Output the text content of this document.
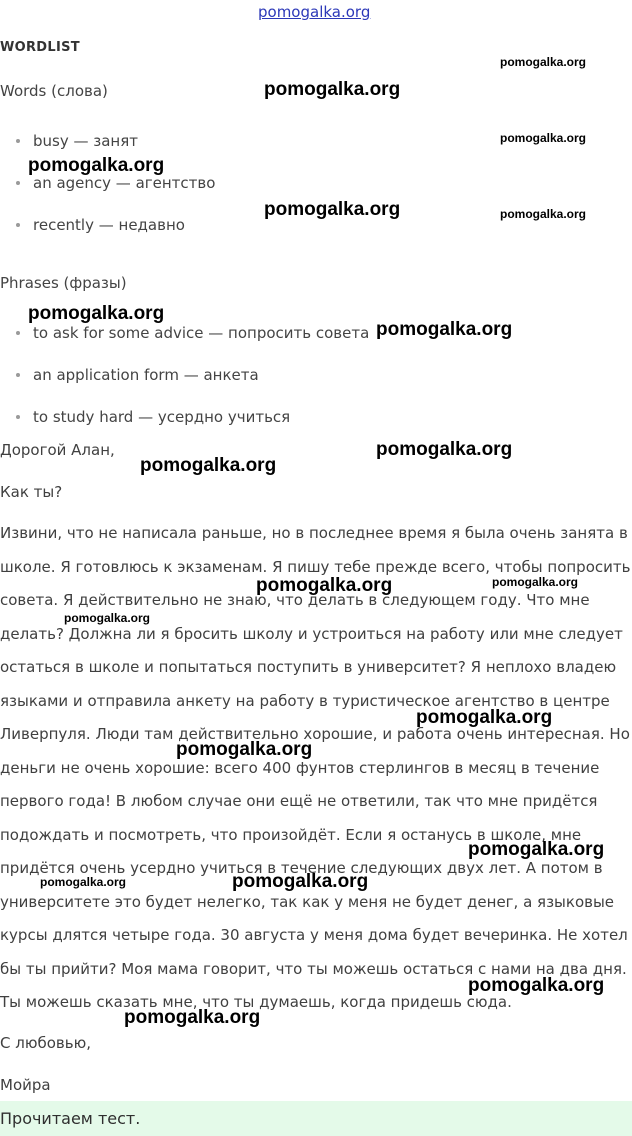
pomogalka.org
WORDLIST
Words (слова)
busy — занят
an agency — агентство
recently — недавно
Phrases (фразы)
to ask for some advice — попросить совета
an application form — анкета
to study hard — усердно учиться
Дорогой Алан,
Как ты?
Извини, что не написала раньше, но в последнее время я была очень занята в
школе. Я готовлюсь к экзаменам. Я пишу тебе прежде всего, чтобы попросить
совета. Я действительно не знаю, что делать в следующем году. Что мне
делать? Должна ли я бросить школу и устроиться на работу или мне следует
остаться в школе и попытаться поступить в университет? Я неплохо владею
языками и отправила анкету на работу в туристическое агентство в центре
Ливерпуля. Люди там действительно хорошие, и работа очень интересная. Но
деньги не очень хорошие: всего 400 фунтов стерлингов в месяц в течение
первого года! В любом случае они ещё не ответили, так что мне придётся
подождать и посмотреть, что произойдёт. Если я останусь в школе, мне
придётся очень усердно учиться в течение следующих двух лет. А потом в
университете это будет нелегко, так как у меня не будет денег, а языковые
курсы длятся четыре года. 30 августа у меня дома будет вечеринка. Не хотел
бы ты прийти? Моя мама говорит, что ты можешь остаться с нами на два дня.
Ты можешь сказать мне, что ты думаешь, когда придешь сюда.
С любовью,
Мойра
Прочитаем тест.
pomogalka.org
pomogalka.org
pomogalka.org
pomogalka.org
pomogalka.org	pomogalka.org
pomogalka.org
pomogalka.org
pomogalka.org
pomogalka.org
pomogalka.org
pomogalka.org
pomogalka.org
pomogalka.org
pomogalka.org
pomogalka.org
pomogalka.org	pomogalka.org
pomogalka.org
pomogalka.org
